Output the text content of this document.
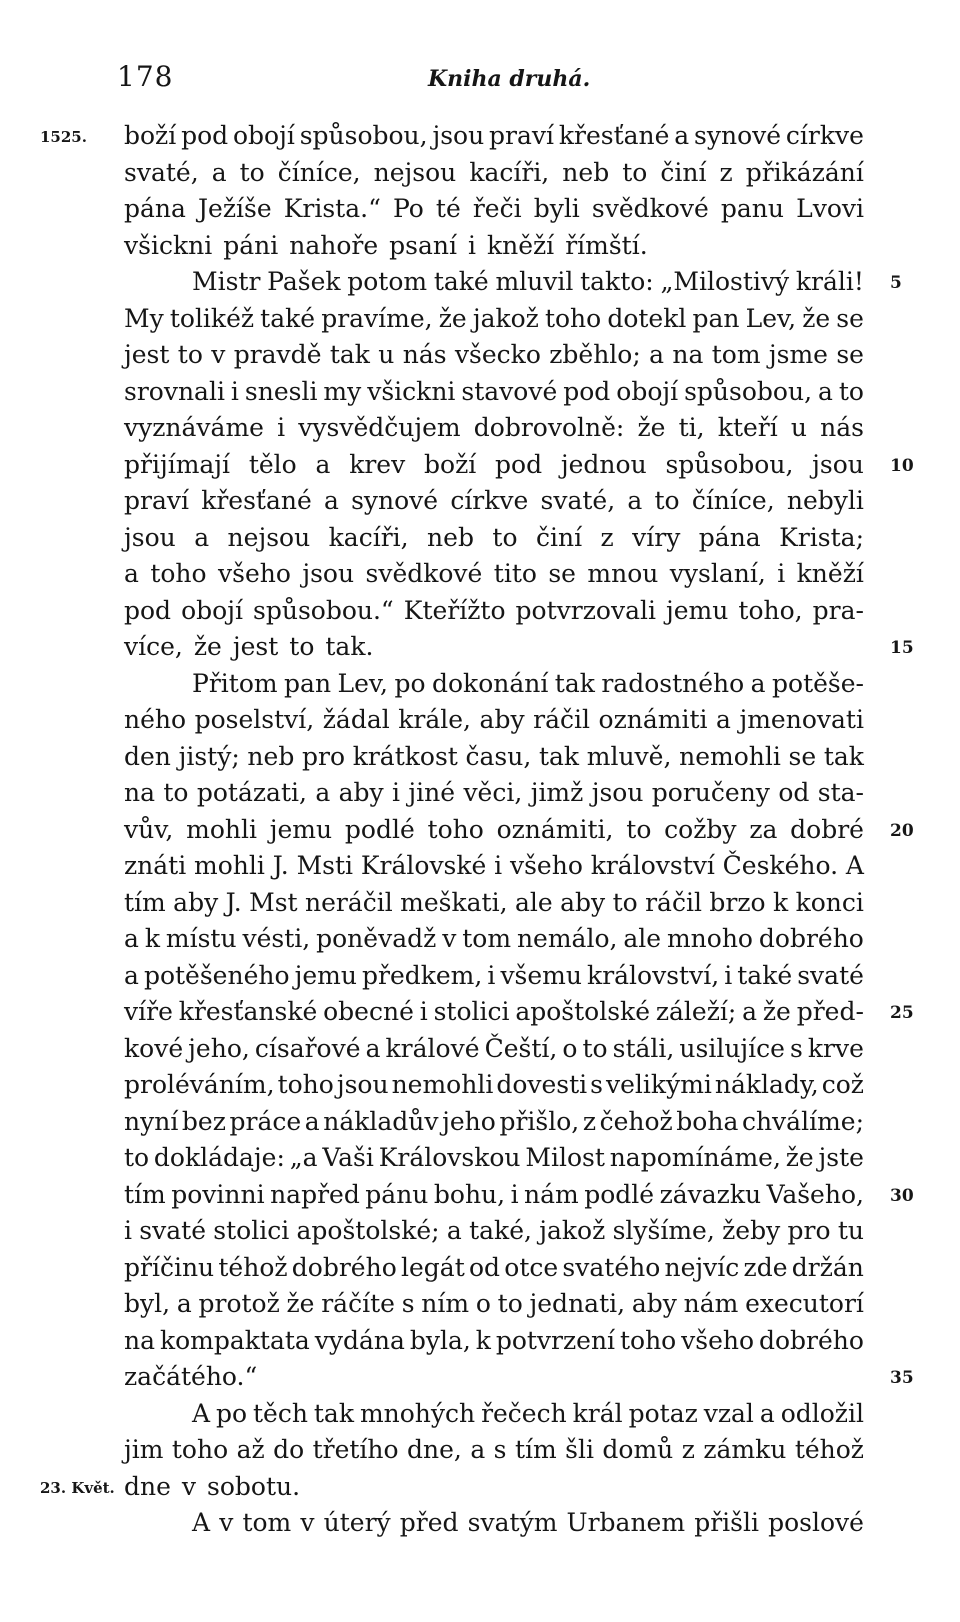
178	Kniha druhá.
boží pod obojí spůsobou, jsou praví křesťané a synové církve
svaté, a to číníce, nejsou kacíři, neb to činí z přikázání
pána Ježíše Krista.“ Po té řeči byli svědkové panu Lvovi
všickni páni nahoře psaní i kněží římští.
Mistr Pašek potom také mluvil takto: „Milostivý králi!
My tolikéž také pravíme, že jakož toho dotekl pan Lev, že se
jest to v pravdě tak u nás všecko zběhlo; a na tom jsme se
srovnali i snesli my všickni stavové pod obojí spůsobou, a to
vyznáváme i vysvědčujem dobrovolně: že ti, kteří u nás
přijímají tělo a krev boží pod jednou spůsobou, jsou
praví křesťané a synové církve svaté, a to číníce, nebyli
jsou a nejsou kacíři, neb to činí z víry pána Krista;
a toho všeho jsou svědkové tito se mnou vyslaní, i kněží
pod obojí spůsobou.“ Kteřížto potvrzovali jemu toho, pra-
více, že jest to tak.
Přitom pan Lev, po dokonání tak radostného a potěše-
ného poselství, žádal krále, aby ráčil oznámiti a jmenovati
den jistý; neb pro krátkost času, tak mluvě, nemohli se tak
na to potázati, a aby i jiné věci, jimž jsou poručeny od sta-
vův, mohli jemu podlé toho oznámiti, to cožby za dobré
znáti mohli J. Msti Královské i všeho království Českého. A
tím aby J. Mst neráčil meškati, ale aby to ráčil brzo k konci
a k místu vésti, poněvadž v tom nemálo, ale mnoho dobrého
a potěšeného jemu předkem, i všemu království, i také svaté
víře křesťanské obecné i stolici apoštolské záleží; a že před-
kové jeho, císařové a králové Čeští, o to stáli, usilujíce s krve
proléváním, toho jsou nemohli dovesti s velikými náklady, což
nyní bez práce a nákladův jeho přišlo, z čehož boha chválíme;
to dokládaje: „a Vaši Královskou Milost napomínáme, že jste
tím povinni napřed pánu bohu, i nám podlé závazku Vašeho,
i svaté stolici apoštolské; a také, jakož slyšíme, žeby pro tu
příčinu téhož dobrého legát od otce svatého nejvíc zde držán
byl, a protož že ráčíte s ním o to jednati, aby nám executorí
na kompaktata vydána byla, k potvrzení toho všeho dobrého
začátého.“
A po těch tak mnohých řečech král potaz vzal a odložil
jim toho až do třetího dne, a s tím šli domů z zámku téhož
dne v sobotu.
A v tom v úterý před svatým Urbanem přišli poslové
5
10
15
20
25
30
35
1525.
23. Květ.
